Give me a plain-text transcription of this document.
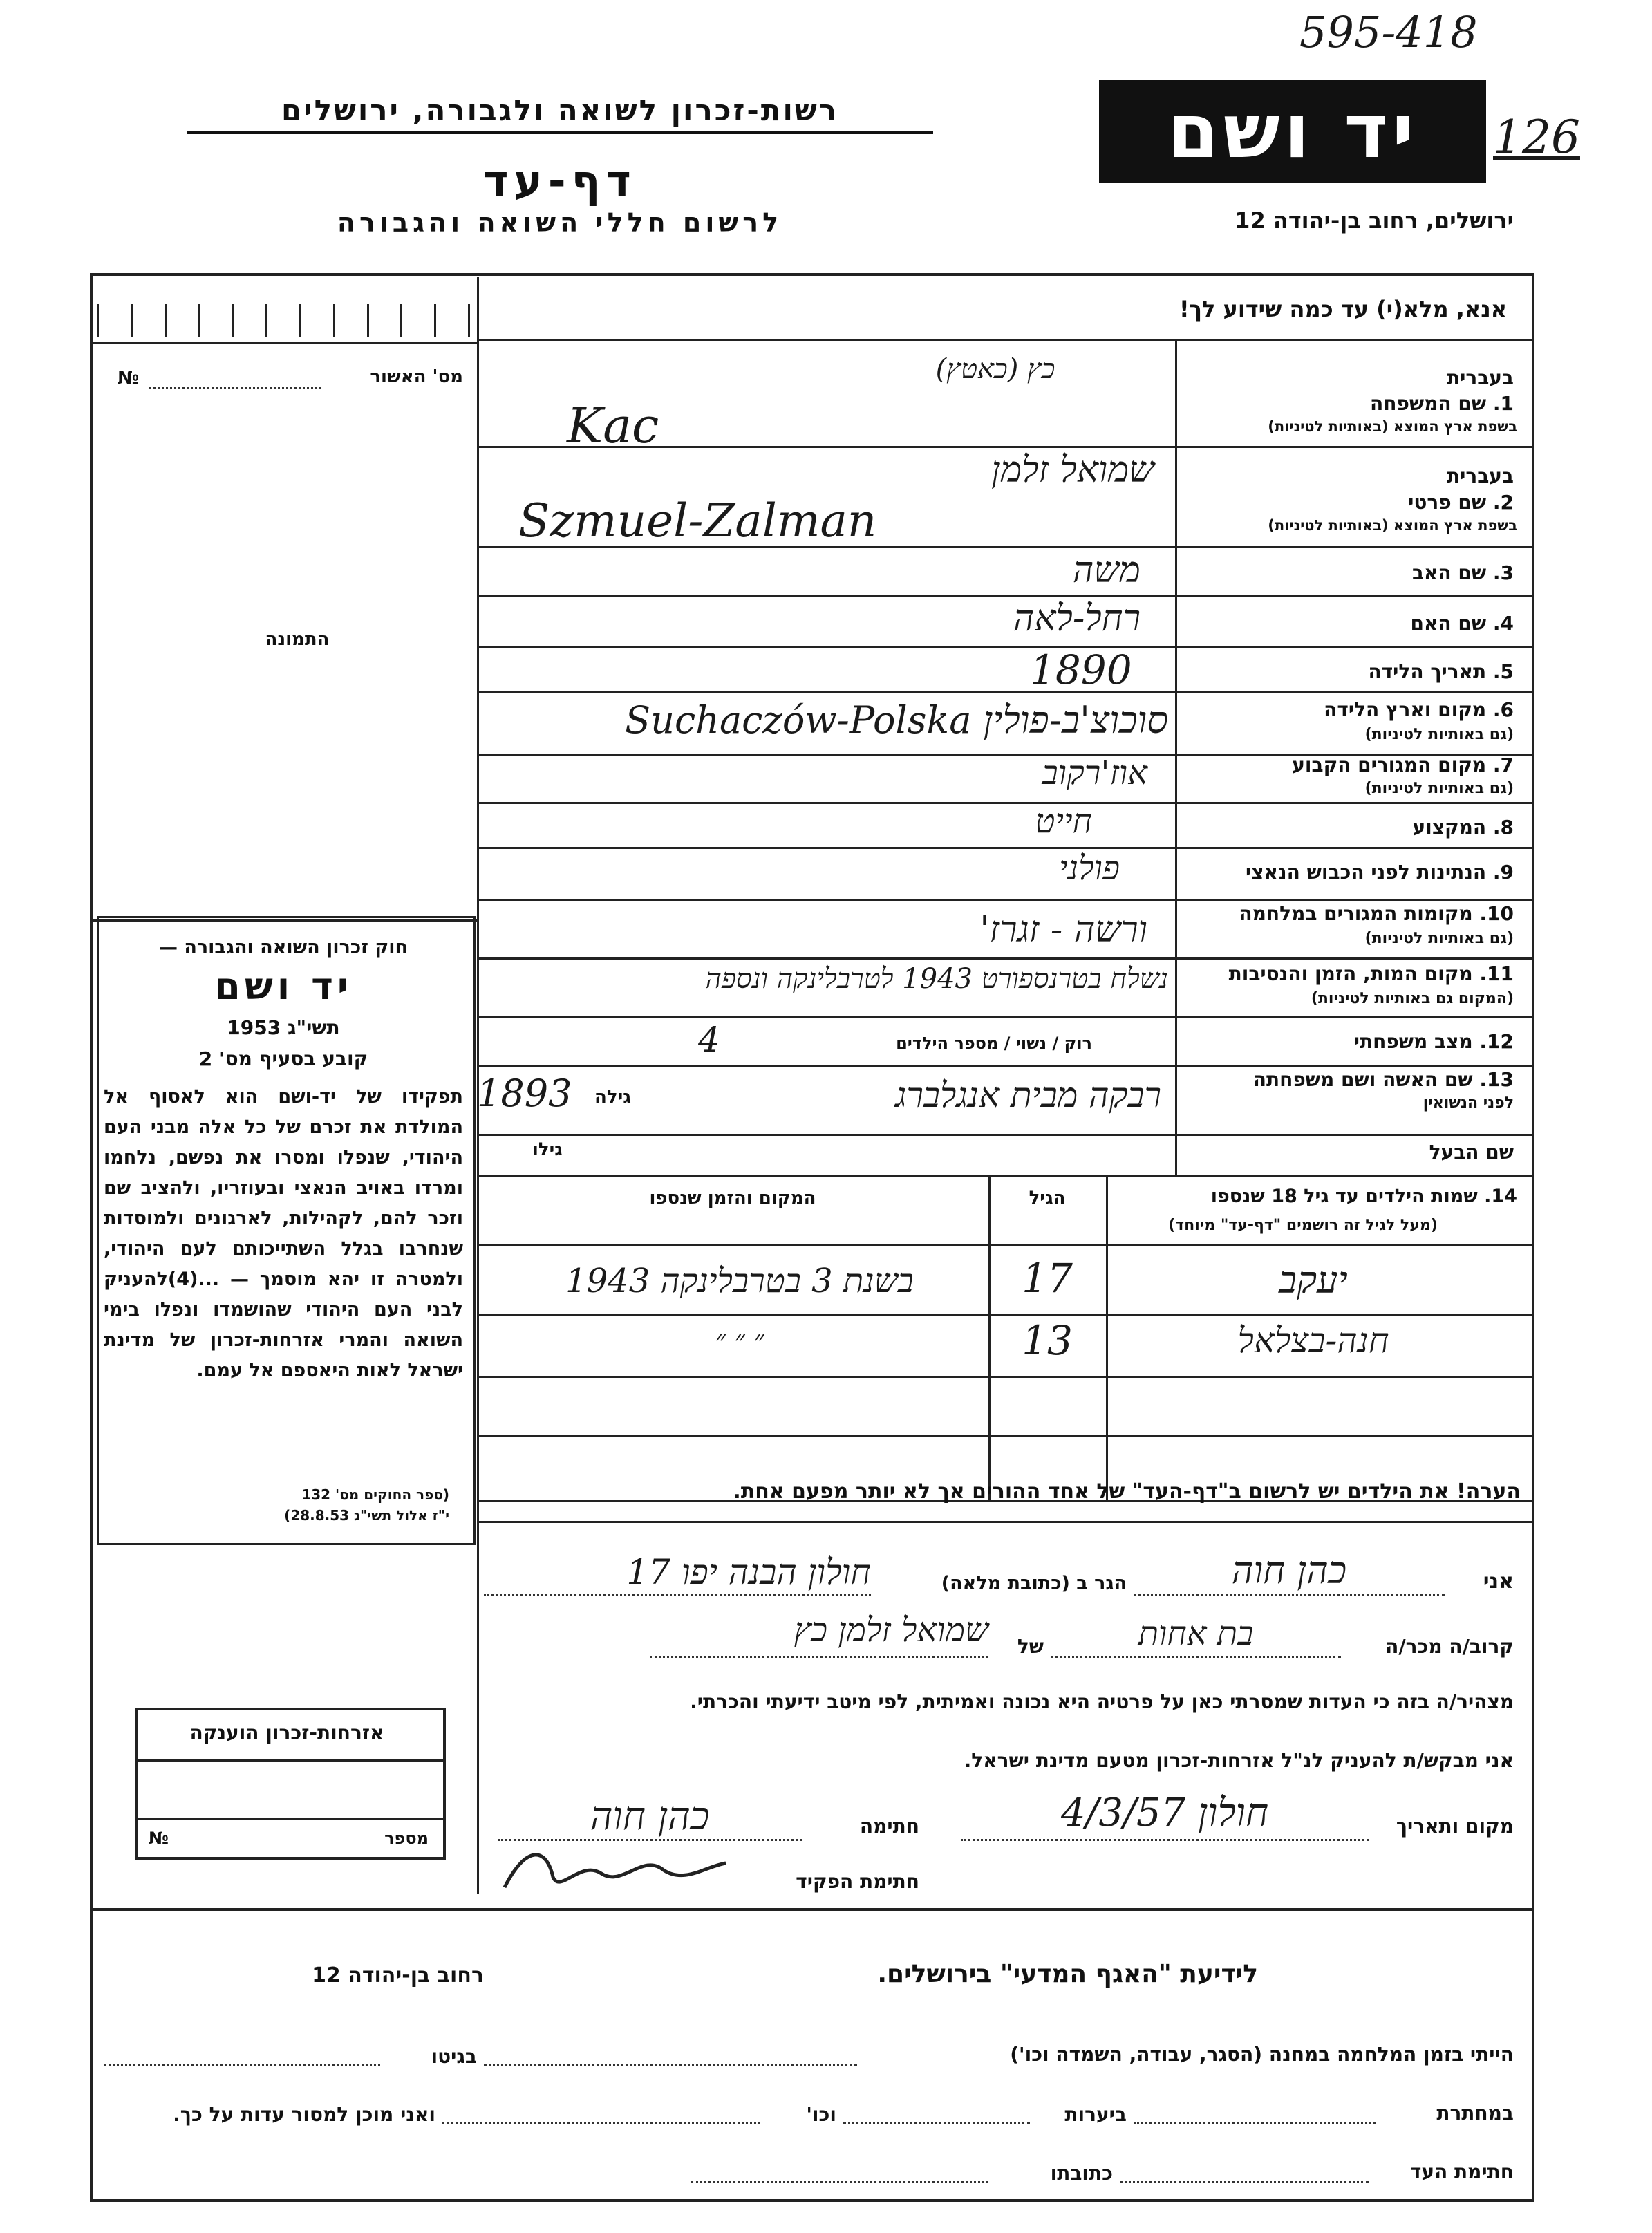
595-418
126
יד ושם
רשות-זכרון לשואה ולגבורה, ירושלים
דף-עד
לרשום חללי השואה והגבורה	ירושלים, רחוב בן-יהודה 12
אנא, מלא(י) עד כמה שידוע לך!
מס' האשור
№
התמונה
בעברית
1. שם המשפחה
בשפת ארץ המוצא (באותיות לטיניות)
כץ (כאטץ)
Kac
בעברית
2. שם פרטי
בשפת ארץ המוצא (באותיות לטיניות)
שמואל זלמן
Szmuel-Zalman
3. שם האב
משה
4. שם האם
רחל-לאה
5. תאריך הלידה
1890
6. מקום וארץ הלידה
(גם באותיות לטיניות)
סוכוצ'ב-פולין Suchaczów-Polska
7. מקום המגורים הקבוע
(גם באותיות לטיניות)
אוז'רקוב
8. המקצוע
חייט
9. הנתינות לפני הכבוש הנאצי
פולני
10. מקומות המגורים במלחמה
(גם באותיות לטיניות)
ורשה - זגרז'
11. מקום המות, הזמן והנסיבות
(המקום גם באותיות לטיניות)
נשלח בטרנספורט 1943 לטרבלינקה ונספה
12. מצב משפחתי
רוק / נשוי / מספר הילדים
4
13. שם האשה ושם משפחתה
לפני הנשואין
גילה
1893	רבקה מבית אנגלברג
שם הבעל
גילו
14. שמות הילדים עד גיל 18 שנספו
(מעל לגיל זה רושמים "דף-עד" מיוחד)
הגיל
המקום והזמן שנספו
יעקב
17
בשנת 3 בטרבלינקה 1943
חנה-בצלאל
13
״ ״ ״
חוק זכרון השואה והגבורה —
יד ושם
תשי"ג 1953
קובע בסעיף מס' 2
תפקידו של יד-ושם הוא לאסוף אל המולדת את זכרם של כל אלה מבני העם היהודי, שנפלו ומסרו את נפשם, נלחמו ומרדו באויב הנאצי ובעוזריו, ולהציב שם וזכר להם, לקהילות, לארגונים ולמוסדות שנחרבו בגלל השתייכותם לעם היהודי, ולמטרה זו יהא מוסמך — ...(4)להעניק לבני העם היהודי שהושמדו ונפלו בימי השואה והמרי אזרחות-זכרון של מדינת ישראל לאות היאספם אל עמם.
(ספר החוקים מס' 132
י"ז אלול תשי"ג 28.8.53)
אזרחות-זכרון הוענקה
מספר
№
הערה! את הילדים יש לרשום ב"דף-העד" של אחד ההורים אך לא יותר מפעם אחת.
אני
כהן חוה
הגר ב (כתובת מלאה)
חולון הבנה יפו 17
קרוב/ה מכר/ה
בת אחות
של
שמואל זלמן כץ
מצהיר/ה בזה כי העדות שמסרתי כאן על פרטיה היא נכונה ואמיתית, לפי מיטב ידיעתי והכרתי.
אני מבקש/ת להעניק לנ"ל אזרחות-זכרון מטעם מדינת ישראל.
מקום ותאריך
חולון 4/3/57
חתימה
כהן חוה
חתימת הפקיד
לידיעת "האגף המדעי" בירושלים.
רחוב בן-יהודה 12
הייתי בזמן המלחמה במחנה (הסגר, עבודה, השמדה וכו')
בגיטו
במחתרת
ביערות
וכו'
ואני מוכן למסור עדות על כך.
חתימת העד
כתובתו
